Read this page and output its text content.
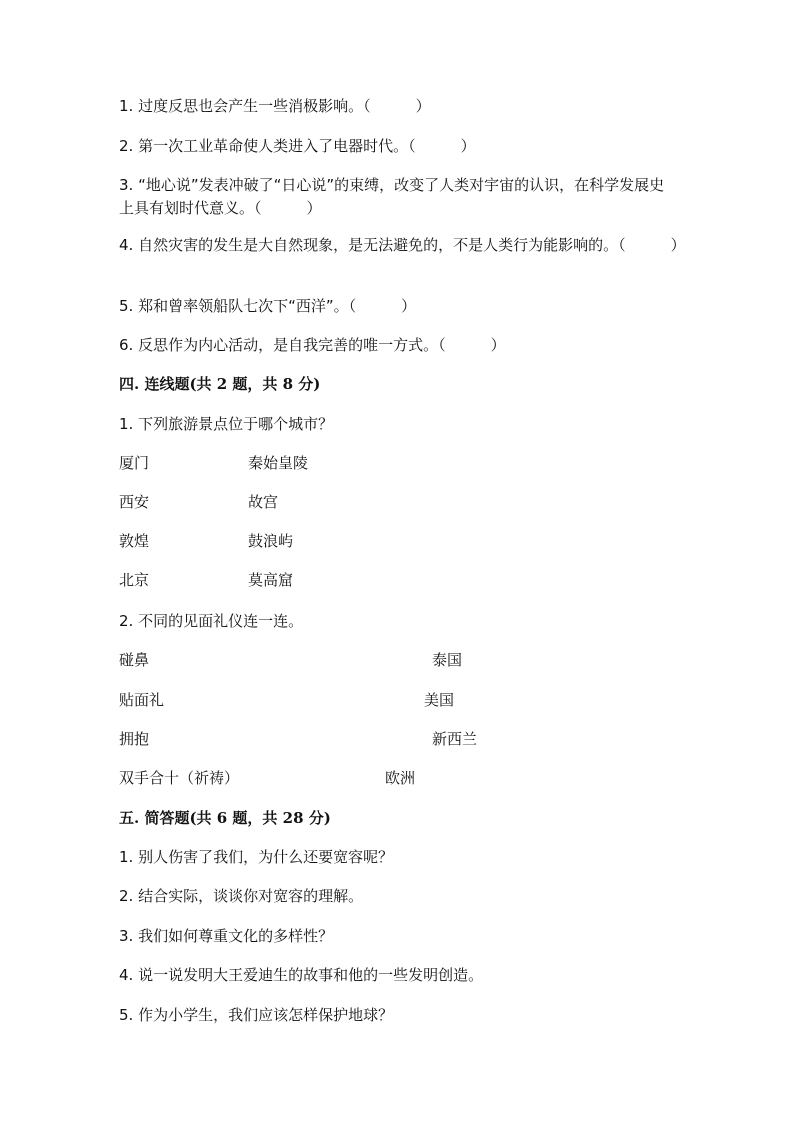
1. 过度反思也会产生一些消极影响。（　　　）

2. 第一次工业革命使人类进入了电器时代。（　　　）

3. “地心说”发表冲破了“日心说”的束缚，改变了人类对宇宙的认识，在科学发展史上具有划时代意义。（　　　）

4. 自然灾害的发生是大自然现象，是无法避免的，不是人类行为能影响的。（　　　）

5. 郑和曾率领船队七次下“西洋”。（　　　）

6. 反思作为内心活动，是自我完善的唯一方式。（　　　）

四. 连线题(共 2 题，共 8 分)

1. 下列旅游景点位于哪个城市？

厦门	秦始皇陵

西安	故宫

敦煌	鼓浪屿

北京	莫高窟

2. 不同的见面礼仪连一连。

碰鼻	泰国

贴面礼	美国

拥抱	新西兰

双手合十（祈祷）	欧洲

五. 简答题(共 6 题，共 28 分)

1. 别人伤害了我们，为什么还要宽容呢？

2. 结合实际，谈谈你对宽容的理解。

3. 我们如何尊重文化的多样性？

4. 说一说发明大王爱迪生的故事和他的一些发明创造。

5. 作为小学生，我们应该怎样保护地球？
